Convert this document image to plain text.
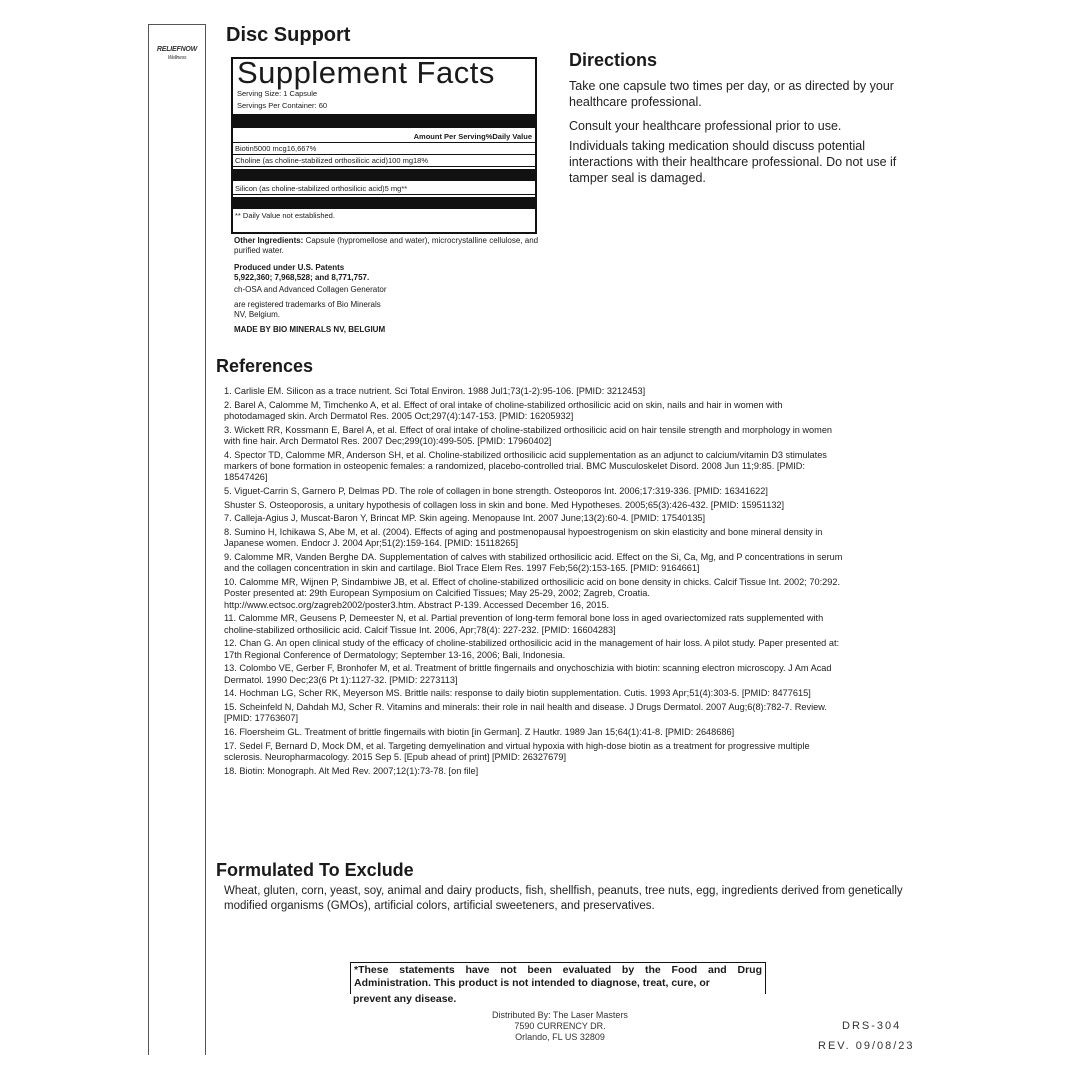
RELIEFNOW
Wellness
Disc Support
Supplement Facts
Serving Size: 1 Capsule
Servings Per Container: 60
Amount Per Serving%Daily Value
Biotin5000 mcg16,667%
Choline (as choline-stabilized orthosilicic acid)100 mg18%
Silicon (as choline-stabilized orthosilicic acid)5 mg**
** Daily Value not established.
Other Ingredients: Capsule (hypromellose and water), microcrystalline cellulose, and purified water.
Produced under U.S. Patents
5,922,360; 7,968,528; and 8,771,757.
ch-OSA and Advanced Collagen Generator
are registered trademarks of Bio Minerals
NV, Belgium.
MADE BY BIO MINERALS NV, BELGIUM
Directions
Take one capsule two times per day, or as directed by your healthcare professional.
Consult your healthcare professional prior to use.
Individuals taking medication should discuss potential interactions with their healthcare professional. Do not use if tamper seal is damaged.
References

1. Carlisle EM. Silicon as a trace nutrient. Sci Total Environ. 1988 Jul1;73(1-2):95-106. [PMID: 3212453]

2. Barel A, Calomme M, Timchenko A, et al. Effect of oral intake of choline-stabilized orthosilicic acid on skin, nails and hair in women with photodamaged skin. Arch Dermatol Res. 2005 Oct;297(4):147-153. [PMID: 16205932]

3. Wickett RR, Kossmann E, Barel A, et al. Effect of oral intake of choline-stabilized orthosilicic acid on hair tensile strength and morphology in women with fine hair. Arch Dermatol Res. 2007 Dec;299(10):499-505. [PMID: 17960402]

4. Spector TD, Calomme MR, Anderson SH, et al. Choline-stabilized orthosilicic acid supplementation as an adjunct to calcium/vitamin D3 stimulates markers of bone formation in osteopenic females: a randomized, placebo-controlled trial. BMC Musculoskelet Disord. 2008 Jun 11;9:85. [PMID: 18547426]

5. Viguet-Carrin S, Garnero P, Delmas PD. The role of collagen in bone strength. Osteoporos Int. 2006;17:319-336. [PMID: 16341622]

Shuster S. Osteoporosis, a unitary hypothesis of collagen loss in skin and bone. Med Hypotheses. 2005;65(3):426-432. [PMID: 15951132]

7. Calleja-Agius J, Muscat-Baron Y, Brincat MP. Skin ageing. Menopause Int. 2007 June;13(2):60-4. [PMID: 17540135]

8. Sumino H, Ichikawa S, Abe M, et al. (2004). Effects of aging and postmenopausal hypoestrogenism on skin elasticity and bone mineral density in Japanese women. Endocr J. 2004 Apr;51(2):159-164. [PMID: 15118265]

9. Calomme MR, Vanden Berghe DA. Supplementation of calves with stabilized orthosilicic acid. Effect on the Si, Ca, Mg, and P concentrations in serum and the collagen concentration in skin and cartilage. Biol Trace Elem Res. 1997 Feb;56(2):153-165. [PMID: 9164661]

10. Calomme MR, Wijnen P, Sindambiwe JB, et al. Effect of choline-stabilized orthosilicic acid on bone density in chicks. Calcif Tissue Int. 2002; 70:292. Poster presented at: 29th European Symposium on Calcified Tissues; May 25-29, 2002; Zagreb, Croatia. http://www.ectsoc.org/zagreb2002/poster3.htm. Abstract P-139. Accessed December 16, 2015.

11. Calomme MR, Geusens P, Demeester N, et al. Partial prevention of long-term femoral bone loss in aged ovariectomized rats supplemented with choline-stabilized orthosilicic acid. Calcif Tissue Int. 2006, Apr;78(4): 227-232. [PMID: 16604283]

12. Chan G. An open clinical study of the efficacy of choline-stabilized orthosilicic acid in the management of hair loss. A pilot study. Paper presented at: 17th Regional Conference of Dermatology; September 13-16, 2006; Bali, Indonesia.

13. Colombo VE, Gerber F, Bronhofer M, et al. Treatment of brittle fingernails and onychoschizia with biotin: scanning electron microscopy. J Am Acad Dermatol. 1990 Dec;23(6 Pt 1):1127-32. [PMID: 2273113]

14. Hochman LG, Scher RK, Meyerson MS. Brittle nails: response to daily biotin supplementation. Cutis. 1993 Apr;51(4):303-5. [PMID: 8477615]

15. Scheinfeld N, Dahdah MJ, Scher R. Vitamins and minerals: their role in nail health and disease. J Drugs Dermatol. 2007 Aug;6(8):782-7. Review. [PMID: 17763607]

16. Floersheim GL. Treatment of brittle fingernails with biotin [in German]. Z Hautkr. 1989 Jan 15;64(1):41-8. [PMID: 2648686]

17. Sedel F, Bernard D, Mock DM, et al. Targeting demyelination and virtual hypoxia with high-dose biotin as a treatment for progressive multiple sclerosis. Neuropharmacology. 2015 Sep 5. [Epub ahead of print] [PMID: 26327679]

18. Biotin: Monograph. Alt Med Rev. 2007;12(1):73-78. [on file]

Formulated To Exclude
Wheat, gluten, corn, yeast, soy, animal and dairy products, fish, shellfish, peanuts, tree nuts, egg, ingredients derived from genetically modified organisms (GMOs), artificial colors, artificial sweeteners, and preservatives.
*These statements have not been evaluated by the Food and Drug Administration. This product is not intended to diagnose, treat, cure, or
prevent any disease.
Distributed By: The Laser Masters
7590 CURRENCY DR.
Orlando, FL US 32809
DRS-304
REV. 09/08/23
